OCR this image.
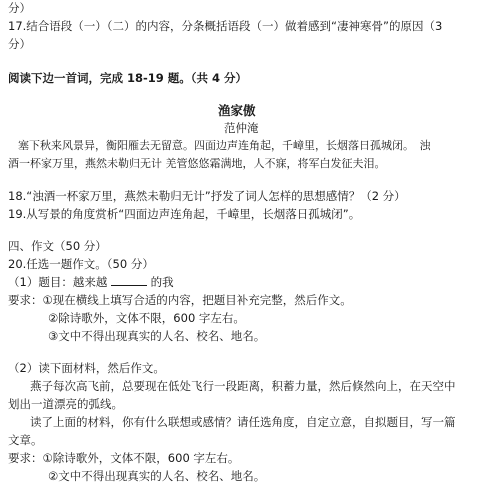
分）
17.结合语段（一）（二）的内容，分条概括语段（一）做着感到“凄神寒骨”的原因（3
分）
阅读下边一首词，完成 18-19 题。（共 4 分）
渔家傲
范仲淹
塞下秋来风景异，衡阳雁去无留意。四面边声连角起，千嶂里，长烟落日孤城闭。　浊
酒一杯家万里，燕然未勒归无计 羌管悠悠霜满地，人不寐，将军白发征夫泪。
18.“浊酒一杯家万里，燕然未勒归无计”抒发了词人怎样的思想感情？（2 分）
19.从写景的角度赏析“四面边声连角起，千嶂里，长烟落日孤城闭”。
四、作文（50 分）
20.任选一题作文。（50 分）
（1）题目：越来越	的我
要求：①现在横线上填写合适的内容，把题目补充完整，然后作文。
②除诗歌外，文体不限，600 字左右。
③文中不得出现真实的人名、校名、地名。
（2）读下面材料，然后作文。
燕子每次高飞前，总要现在低处飞行一段距离，积蓄力量，然后倏然向上，在天空中
划出一道漂亮的弧线。
读了上面的材料，你有什么联想或感情？请任选角度，自定立意，自拟题目，写一篇
文章。
要求：①除诗歌外，文体不限，600 字左右。
②文中不得出现真实的人名、校名、地名。
